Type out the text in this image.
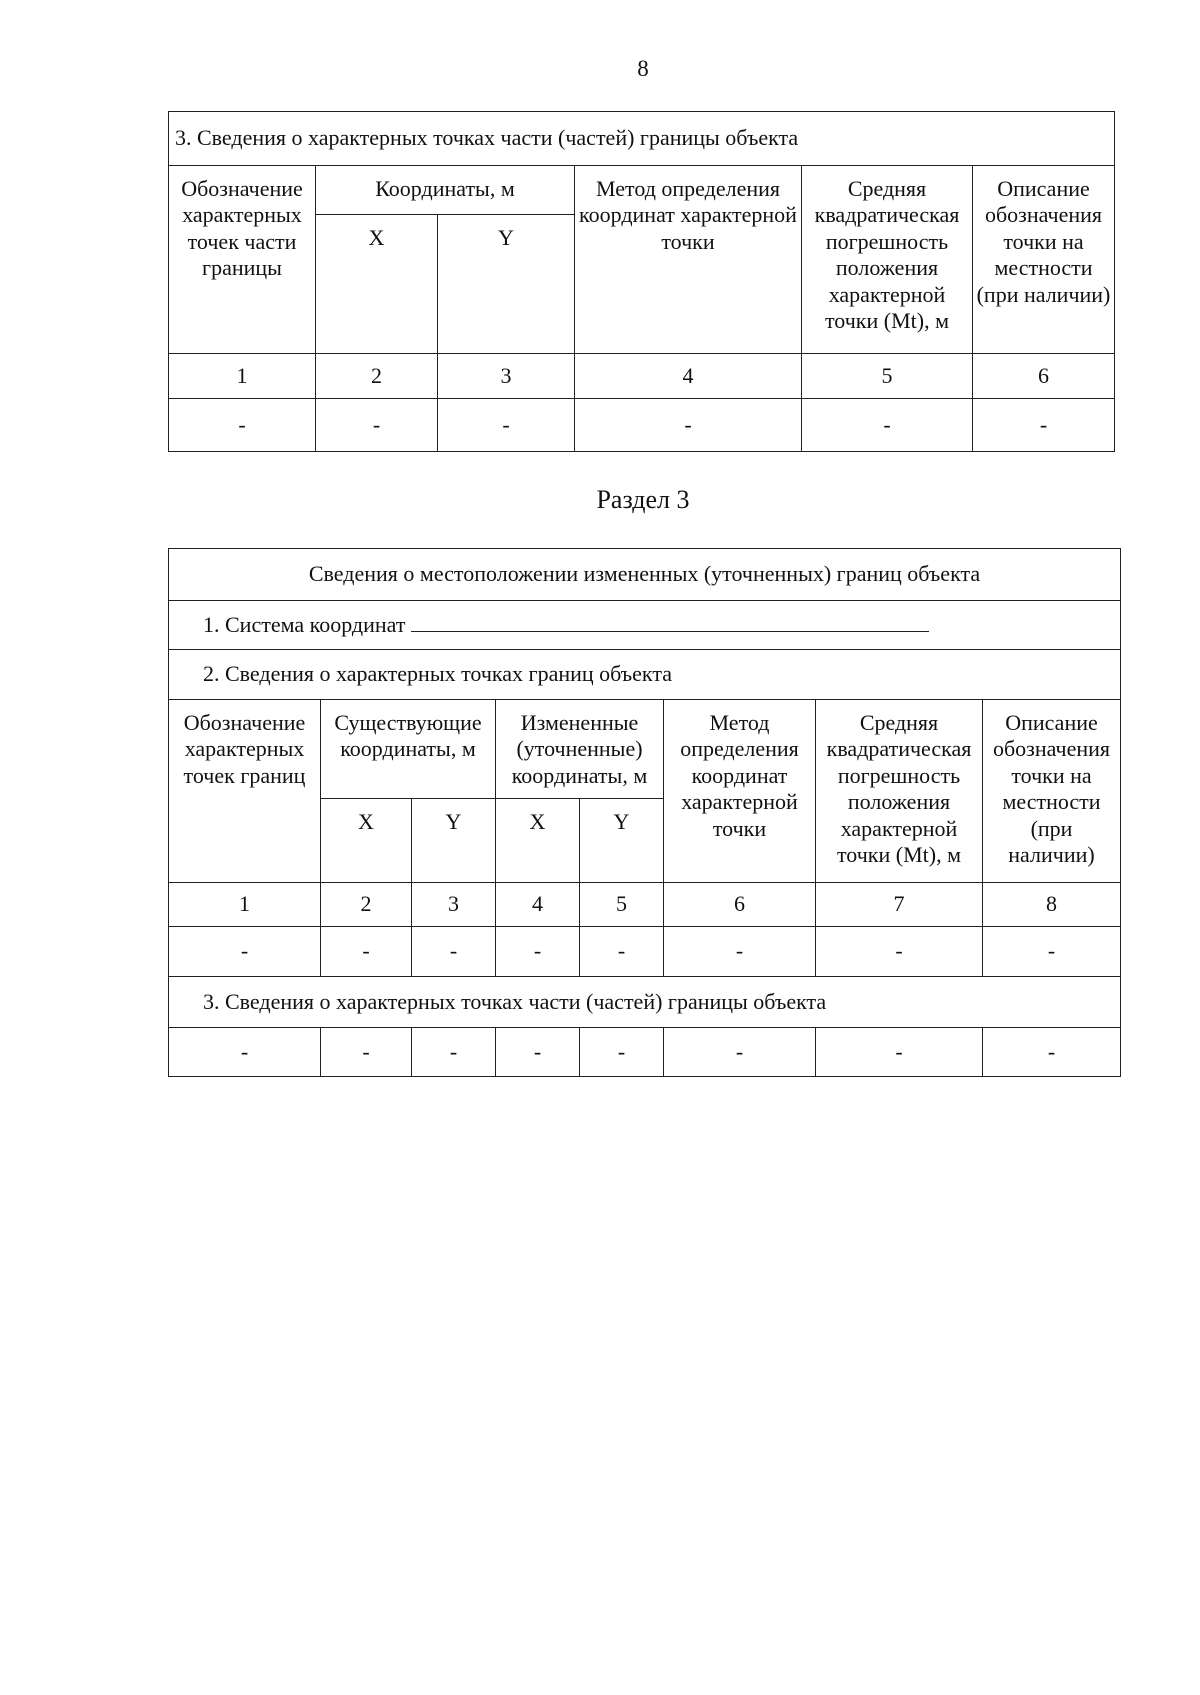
8
3. Сведения о характерных точках части (частей) границы объекта					
Обозначение характерных точек части границы	Координаты, м		Метод определения координат характерной точки	Средняя квадратическая погрешность положения характерной точки (Mt), м	Описание обозначения точки на местности (при наличии)
	X	Y			
1	2	3	4	5	6
-	-	-	-	-	-
Раздел 3
Сведения о местоположении измененных (уточненных) границ объекта							
1. Система координат							
2. Сведения о характерных точках границ объекта							
Обозначение характерных точек границ	Существующие координаты, м		Измененные (уточненные) координаты, м		Метод определения координат характерной точки	Средняя квадратическая погрешность положения характерной точки (Mt), м	Описание обозначения точки на местности (при наличии)
	X	Y	X	Y			
1	2	3	4	5	6	7	8
-	-	-	-	-	-	-	-
3. Сведения о характерных точках части (частей) границы объекта							
-	-	-	-	-	-	-	-
